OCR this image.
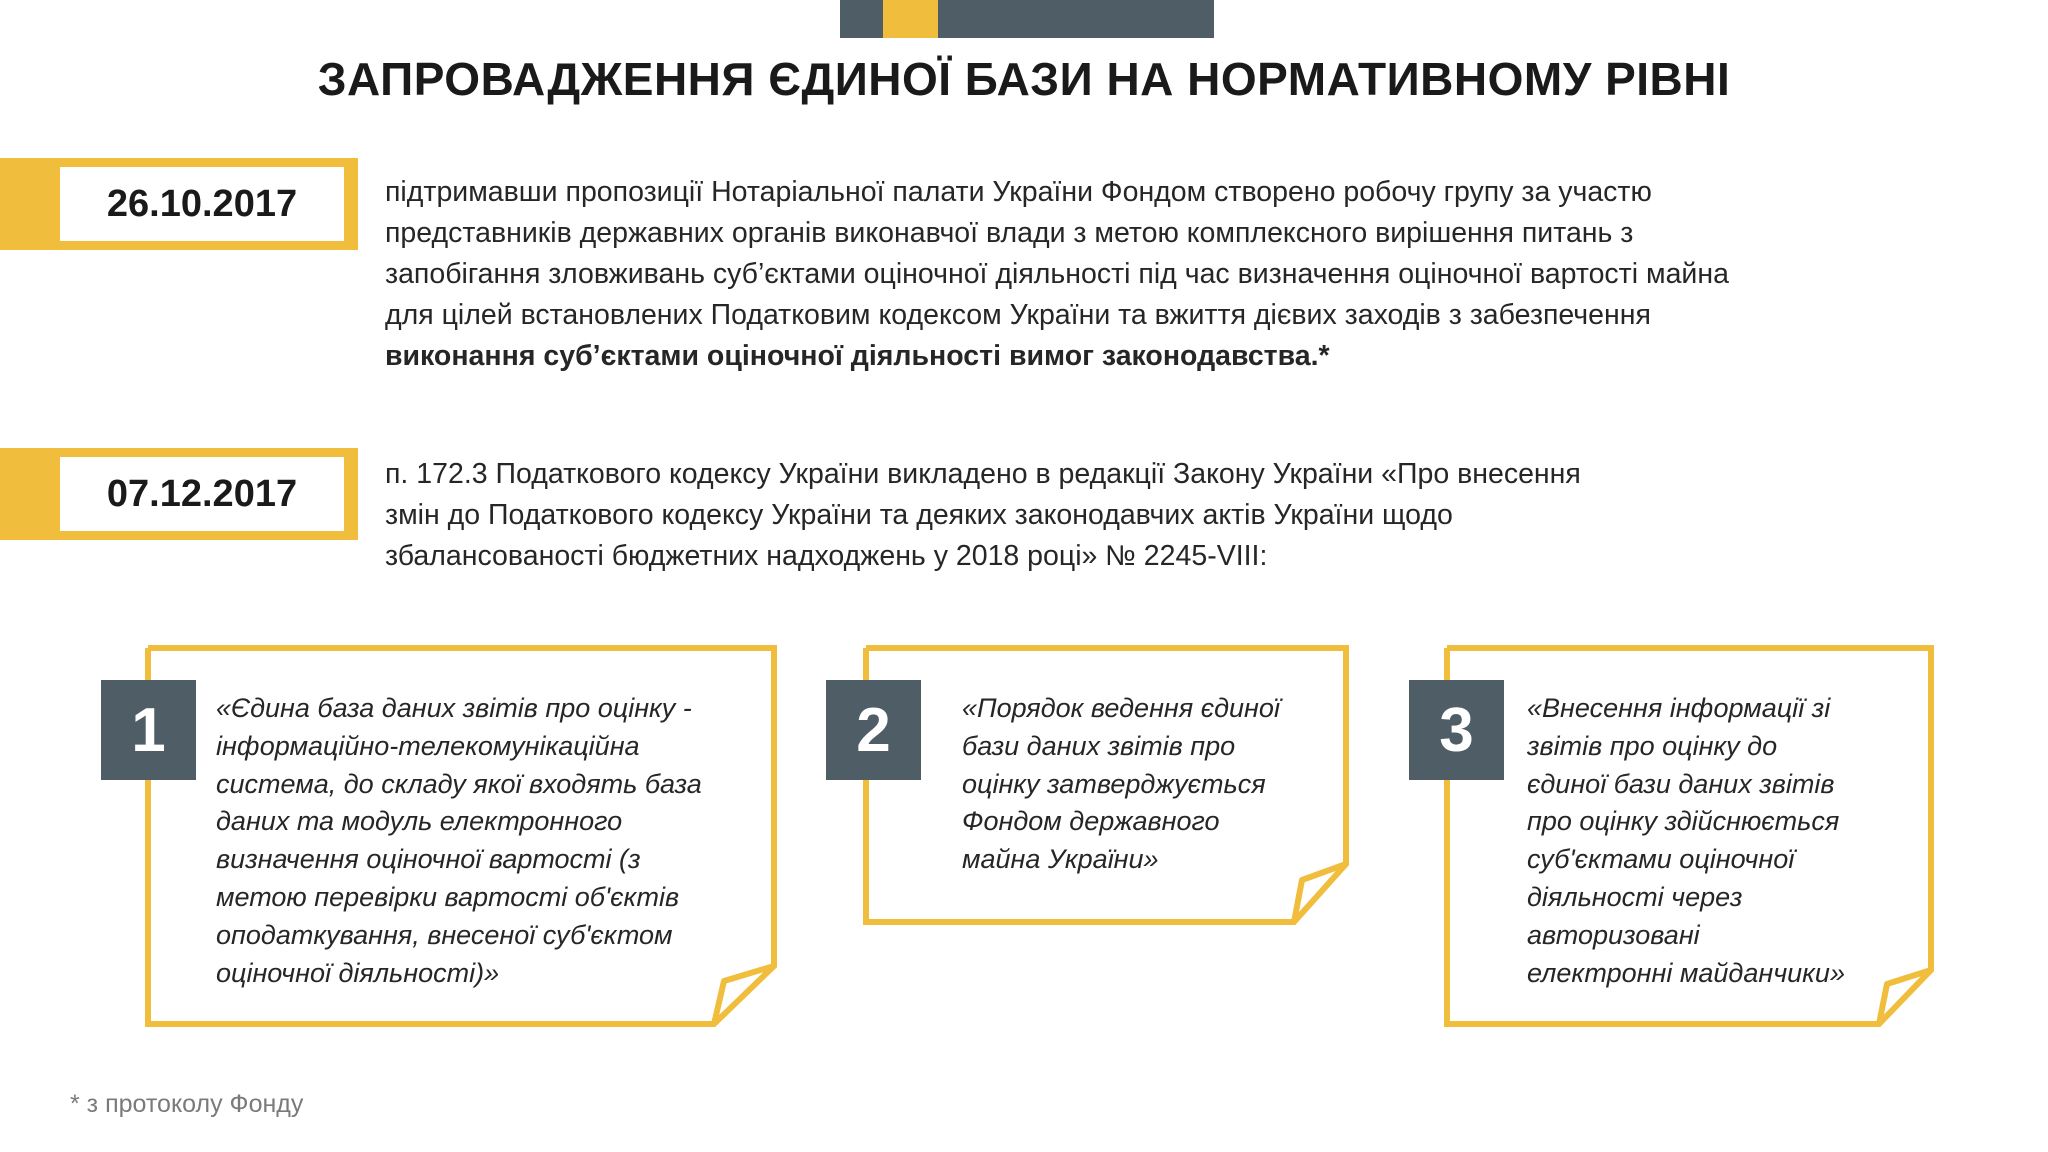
ЗАПРОВАДЖЕННЯ ЄДИНОЇ БАЗИ НА НОРМАТИВНОМУ РІВНІ
26.10.2017	підтримавши пропозиції Нотаріальної палати України Фондом створено робочу групу за участю

представників державних органів виконавчої влади з метою комплексного вирішення питань з

запобігання зловживань суб’єктами оціночної діяльності під час визначення оціночної вартості майна

для цілей встановлених Податковим кодексом України та вжиття дієвих заходів з забезпечення

виконання суб’єктами оціночної діяльності вимог законодавства.*

07.12.2017	п. 172.3 Податкового кодексу України викладено в редакції Закону України «Про внесення

змін до Податкового кодексу України та деяких законодавчих актів України щодо

збалансованості бюджетних надходжень у 2018 році» № 2245-VIII:

1	«Єдина база даних звітів про оцінку -

інформаційно-телекомунікаційна

система, до складу якої входять база

даних та модуль електронного

визначення оціночної вартості (з

метою перевірки вартості об'єктів

оподаткування, внесеної суб'єктом

оціночної діяльності)»

2	«Порядок ведення єдиної

бази даних звітів про

оцінку затверджується

Фондом державного

майна України»

3	«Внесення інформації зі

звітів про оцінку до

єдиної бази даних звітів

про оцінку здійснюється

суб'єктами оціночної

діяльності через

авторизовані

електронні майданчики»

* з протоколу Фонду
